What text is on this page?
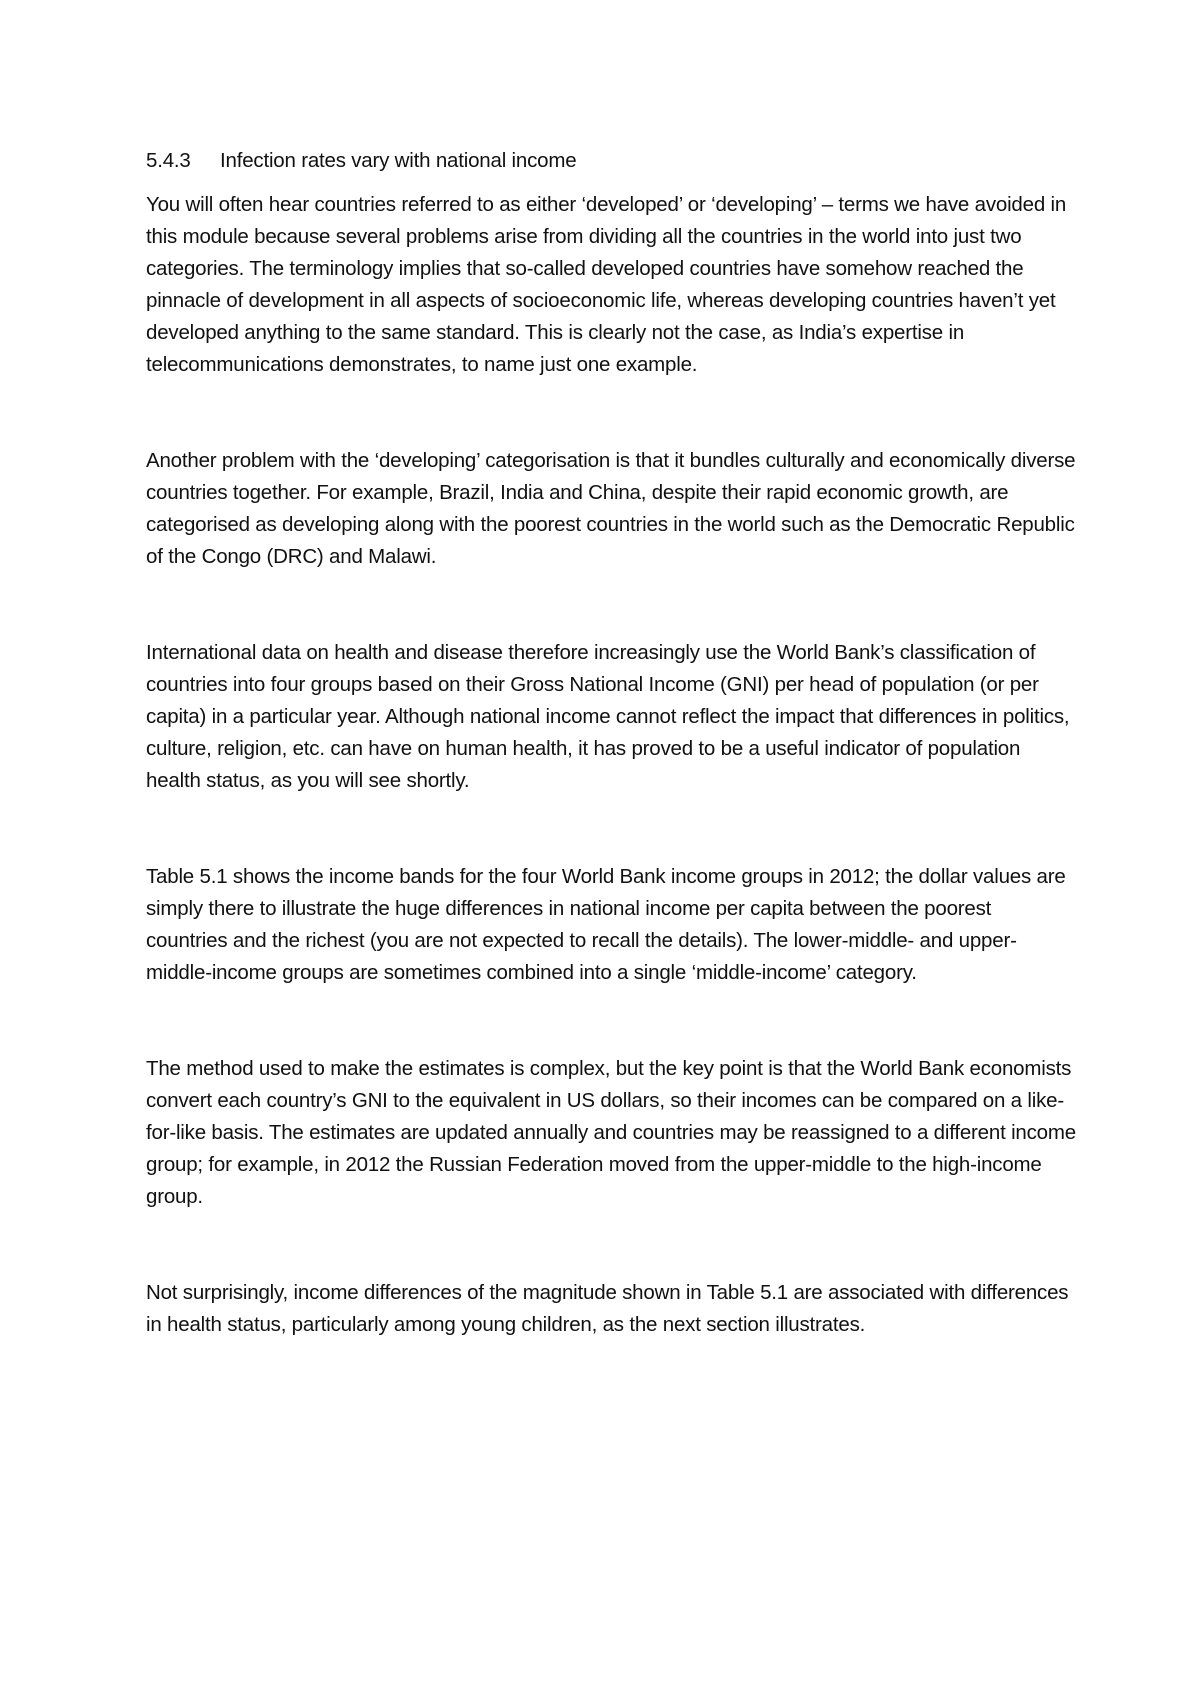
5.4.3 Infection rates vary with national income

You will often hear countries referred to as either ‘developed’ or ‘developing’ – terms we have avoided in this module because several problems arise from dividing all the countries in the world into just two categories. The terminology implies that so-called developed countries have somehow reached the pinnacle of development in all aspects of socioeconomic life, whereas developing countries haven’t yet developed anything to the same standard. This is clearly not the case, as India’s expertise in telecommunications demonstrates, to name just one example.

Another problem with the ‘developing’ categorisation is that it bundles culturally and economically diverse countries together. For example, Brazil, India and China, despite their rapid economic growth, are categorised as developing along with the poorest countries in the world such as the Democratic Republic of the Congo (DRC) and Malawi.

International data on health and disease therefore increasingly use the World Bank’s classification of countries into four groups based on their Gross National Income (GNI) per head of population (or per capita) in a particular year. Although national income cannot reflect the impact that differences in politics, culture, religion, etc. can have on human health, it has proved to be a useful indicator of population health status, as you will see shortly.

Table 5.1 shows the income bands for the four World Bank income groups in 2012; the dollar values are simply there to illustrate the huge differences in national income per capita between the poorest countries and the richest (you are not expected to recall the details). The lower-middle- and upper-middle-income groups are sometimes combined into a single ‘middle-income’ category.

The method used to make the estimates is complex, but the key point is that the World Bank economists convert each country’s GNI to the equivalent in US dollars, so their incomes can be compared on a like-for-like basis. The estimates are updated annually and countries may be reassigned to a different income group; for example, in 2012 the Russian Federation moved from the upper-middle to the high-income group.

Not surprisingly, income differences of the magnitude shown in Table 5.1 are associated with differences in health status, particularly among young children, as the next section illustrates.
